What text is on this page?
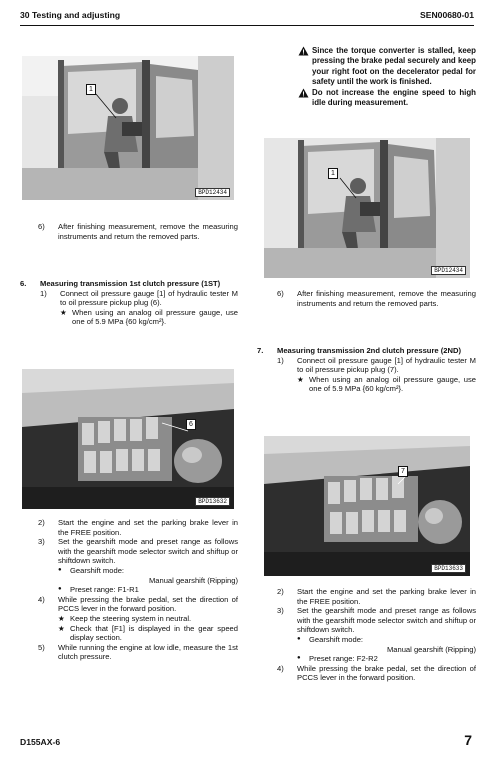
30 Testing and adjusting	SEN00680-01
1
BPD12434
6)	After finishing measurement, remove the measuring instruments and return the removed parts.
6.	Measuring transmission 1st clutch pressure (1ST)
1)	Connect oil pressure gauge [1] of hydraulic tester M to oil pressure pickup plug (6).
★ When using an analog oil pressure gauge, use one of 5.9 MPa {60 kg/cm²}.
6
BPD13632
2)	Start the engine and set the parking brake lever in the FREE position.
3)	Set the gearshift mode and preset range as follows with the gearshift mode selector switch and shiftup or shiftdown switch.
●	Gearshift mode:
Manual gearshift (Ripping)
●	Preset range: F1-R1
4)	While pressing the brake pedal, set the direction of PCCS lever in the forward position.
★ Keep the steering system in neutral.
★ Check that [F1] is displayed in the gear speed display section.
5)	While running the engine at low idle, measure the 1st clutch pressure.
Since the torque converter is stalled, keep pressing the brake pedal securely and keep your right foot on the decelerator pedal for safety until the work is finished.
Do not increase the engine speed to high idle during measurement.
1
BPD12434
6)	After finishing measurement, remove the measuring instruments and return the removed parts.
7.	Measuring transmission 2nd clutch pressure (2ND)
1)	Connect oil pressure gauge [1] of hydraulic tester M to oil pressure pickup plug (7).
★ When using an analog oil pressure gauge, use one of 5.9 MPa {60 kg/cm²}.
7
BPD13633
2)	Start the engine and set the parking brake lever in the FREE position.
3)	Set the gearshift mode and preset range as follows with the gearshift mode selector switch and shiftup or shiftdown switch.
●	Gearshift mode:
Manual gearshift (Ripping)
●	Preset range: F2-R2
4)	While pressing the brake pedal, set the direction of PCCS lever in the forward position.
D155AX-6	7
